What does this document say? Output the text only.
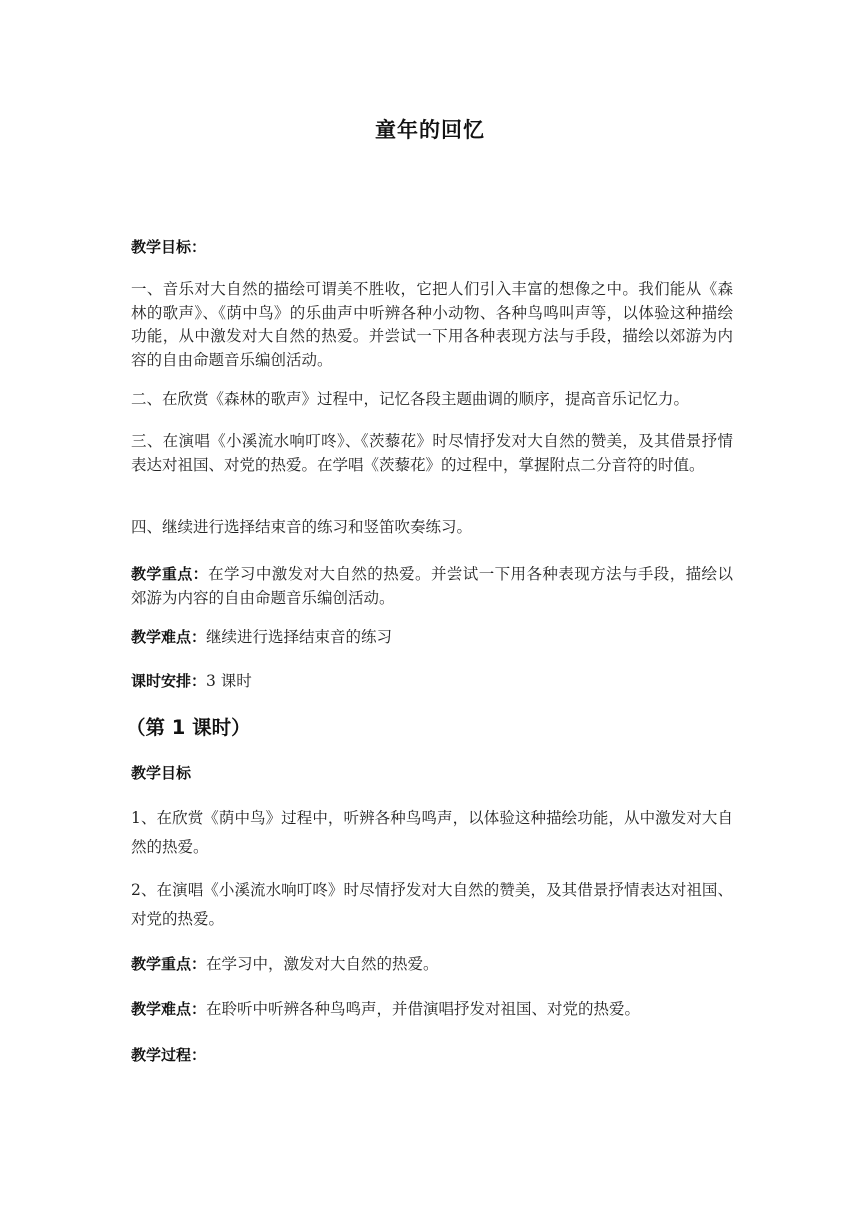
童年的回忆
教学目标：
一、音乐对大自然的描绘可谓美不胜收，它把人们引入丰富的想像之中。我们能从《森林的歌声》、《荫中鸟》的乐曲声中听辨各种小动物、各种鸟鸣叫声等，以体验这种描绘功能，从中激发对大自然的热爱。并尝试一下用各种表现方法与手段，描绘以郊游为内容的自由命题音乐编创活动。
二、在欣赏《森林的歌声》过程中，记忆各段主题曲调的顺序，提高音乐记忆力。
三、在演唱《小溪流水响叮咚》、《茨藜花》时尽情抒发对大自然的赞美，及其借景抒情表达对祖国、对党的热爱。在学唱《茨藜花》的过程中，掌握附点二分音符的时值。
四、继续进行选择结束音的练习和竖笛吹奏练习。
教学重点：在学习中激发对大自然的热爱。并尝试一下用各种表现方法与手段，描绘以郊游为内容的自由命题音乐编创活动。
教学难点：继续进行选择结束音的练习
课时安排：3 课时
（第 1 课时）
教学目标
1、在欣赏《荫中鸟》过程中，听辨各种鸟鸣声，以体验这种描绘功能，从中激发对大自然的热爱。
2、在演唱《小溪流水响叮咚》时尽情抒发对大自然的赞美，及其借景抒情表达对祖国、对党的热爱。
教学重点：在学习中，激发对大自然的热爱。
教学难点：在聆听中听辨各种鸟鸣声，并借演唱抒发对祖国、对党的热爱。
教学过程：
